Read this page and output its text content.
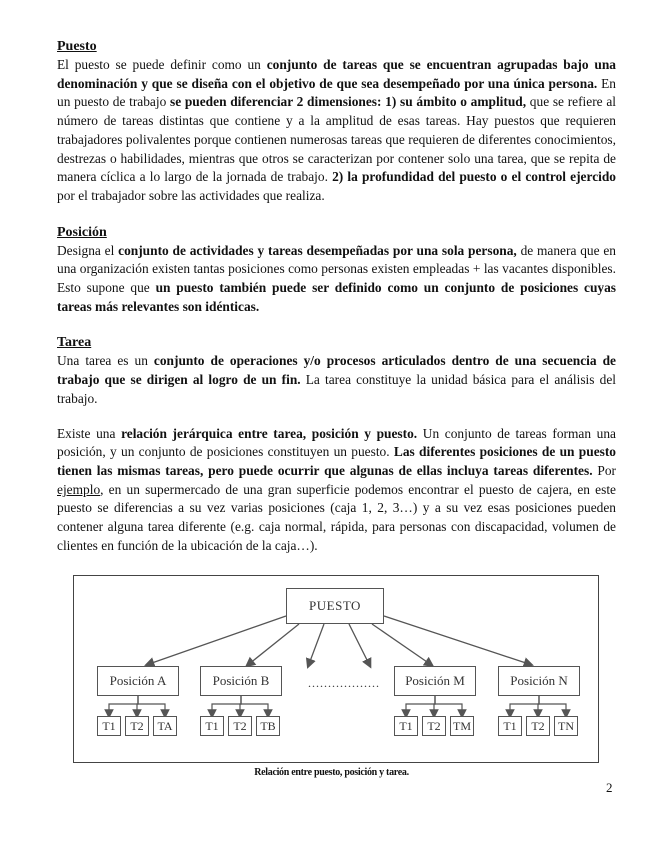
Puesto

El puesto se puede definir como un conjunto de tareas que se encuentran agrupadas bajo una denominación y que se diseña con el objetivo de que sea desempeñado por una única persona. En un puesto de trabajo se pueden diferenciar 2 dimensiones: 1) su ámbito o amplitud, que se refiere al número de tareas distintas que contiene y a la amplitud de esas tareas. Hay puestos que requieren trabajadores polivalentes porque contienen numerosas tareas que requieren de diferentes conocimientos, destrezas o habilidades, mientras que otros se caracterizan por contener solo una tarea, que se repita de manera cíclica a lo largo de la jornada de trabajo. 2) la profundidad del puesto o el control ejercido por el trabajador sobre las actividades que realiza.

Posición

Designa el conjunto de actividades y tareas desempeñadas por una sola persona, de manera que en una organización existen tantas posiciones como personas existen empleadas + las vacantes disponibles. Esto supone que un puesto también puede ser definido como un conjunto de posiciones cuyas tareas más relevantes son idénticas.

Tarea

Una tarea es un conjunto de operaciones y/o procesos articulados dentro de una secuencia de trabajo que se dirigen al logro de un fin. La tarea constituye la unidad básica para el análisis del trabajo.

Existe una relación jerárquica entre tarea, posición y puesto. Un conjunto de tareas forman una posición, y un conjunto de posiciones constituyen un puesto. Las diferentes posiciones de un puesto tienen las mismas tareas, pero puede ocurrir que algunas de ellas incluya tareas diferentes. Por ejemplo, en un supermercado de una gran superficie podemos encontrar el puesto de cajera, en este puesto se diferencias a su vez varias posiciones (caja 1, 2, 3…) y a su vez esas posiciones pueden contener alguna tarea diferente (e.g. caja normal, rápida, para personas con discapacidad, volumen de clientes en función de la ubicación de la caja…).

PUESTO
Posición A	Posición B	..................	Posición M	Posición N
T1	T2	TA	T1	T2	TB	T1	T2	TM	T1	T2	TN
Relación entre puesto, posición y tarea.
2
